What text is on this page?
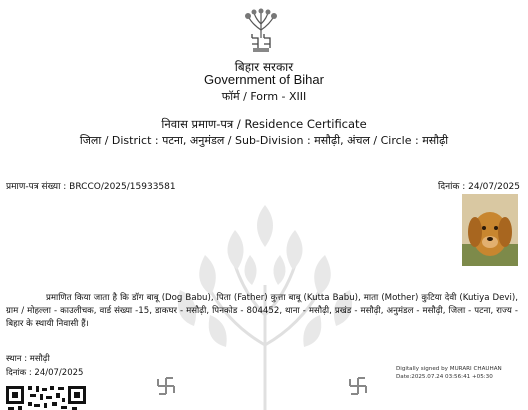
बिहार सरकार
Government of Bihar
फॉर्म / Form - XIII
निवास प्रमाण-पत्र / Residence Certificate
जिला / District : पटना, अनुमंडल / Sub-Division : मसौढ़ी, अंचल / Circle : मसौढ़ी
प्रमाण-पत्र संख्या : BRCCO/2025/15933581	दिनांक : 24/07/2025
प्रमाणित किया जाता है कि डॉग बाबू (Dog Babu), पिता (Father) कुत्ता बाबू (Kutta Babu), माता (Mother) कुटिया देवी (Kutiya Devi), ग्राम / मोहल्ला - काउलीचक, वार्ड संख्या -15, डाकघर - मसौढ़ी, पिनकोड - 804452, थाना - मसौढ़ी, प्रखंड - मसौढ़ी, अनुमंडल - मसौढ़ी, जिला - पटना, राज्य - बिहार के स्थायी निवासी हैं।
स्थान : मसौढ़ी
दिनांक : 24/07/2025	Digitally signed by MURARI CHAUHAN
Date:2025.07.24 03:56:41 +05:30
